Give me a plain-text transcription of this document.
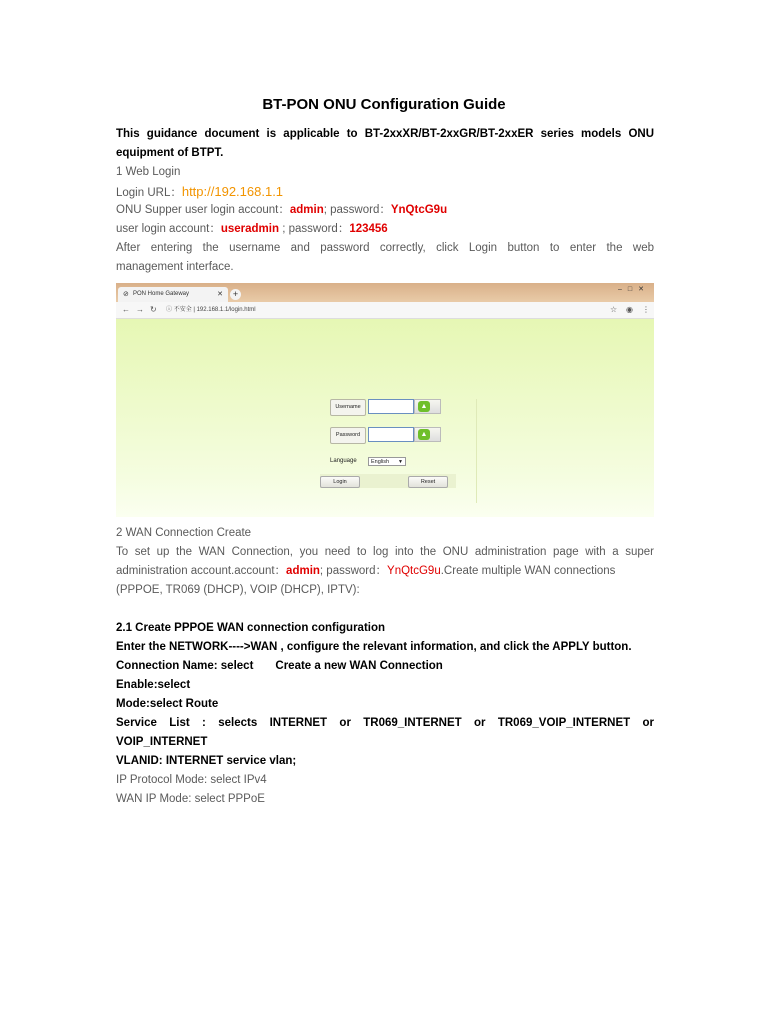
BT-PON ONU Configuration Guide
This guidance document is applicable to BT-2xxXR/BT-2xxGR/BT-2xxER series models ONU
equipment of BTPT.
1 Web Login
Login URL：http://192.168.1.1
ONU Supper user login account：admin; password：YnQtcG9u
user login account：useradmin ; password：123456
After entering the username and password correctly, click Login button to enter the web
management interface.
⊘ PON Home Gateway	✕	+	–□✕
← → ↻ ⓘ 不安全 | 192.168.1.1/login.html	☆ ◉ ⋮
Username	▲
Password	▲
Language	English ▼
Login	Reset
2 WAN Connection Create
To set up the WAN Connection, you need to log into the ONU administration page with a super
administration account.account：admin; password：YnQtcG9u.Create multiple WAN connections
(PPPOE, TR069 (DHCP), VOIP (DHCP), IPTV):
2.1 Create PPPOE WAN connection configuration
Enter the NETWORK---->WAN , configure the relevant information, and click the APPLY button.
Connection Name: select Create a new WAN Connection
Enable:select
Mode:select Route
Service List : selects INTERNET or TR069_INTERNET or TR069_VOIP_INTERNET or
VOIP_INTERNET
VLANID: INTERNET service vlan;
IP Protocol Mode: select IPv4
WAN IP Mode: select PPPoE
